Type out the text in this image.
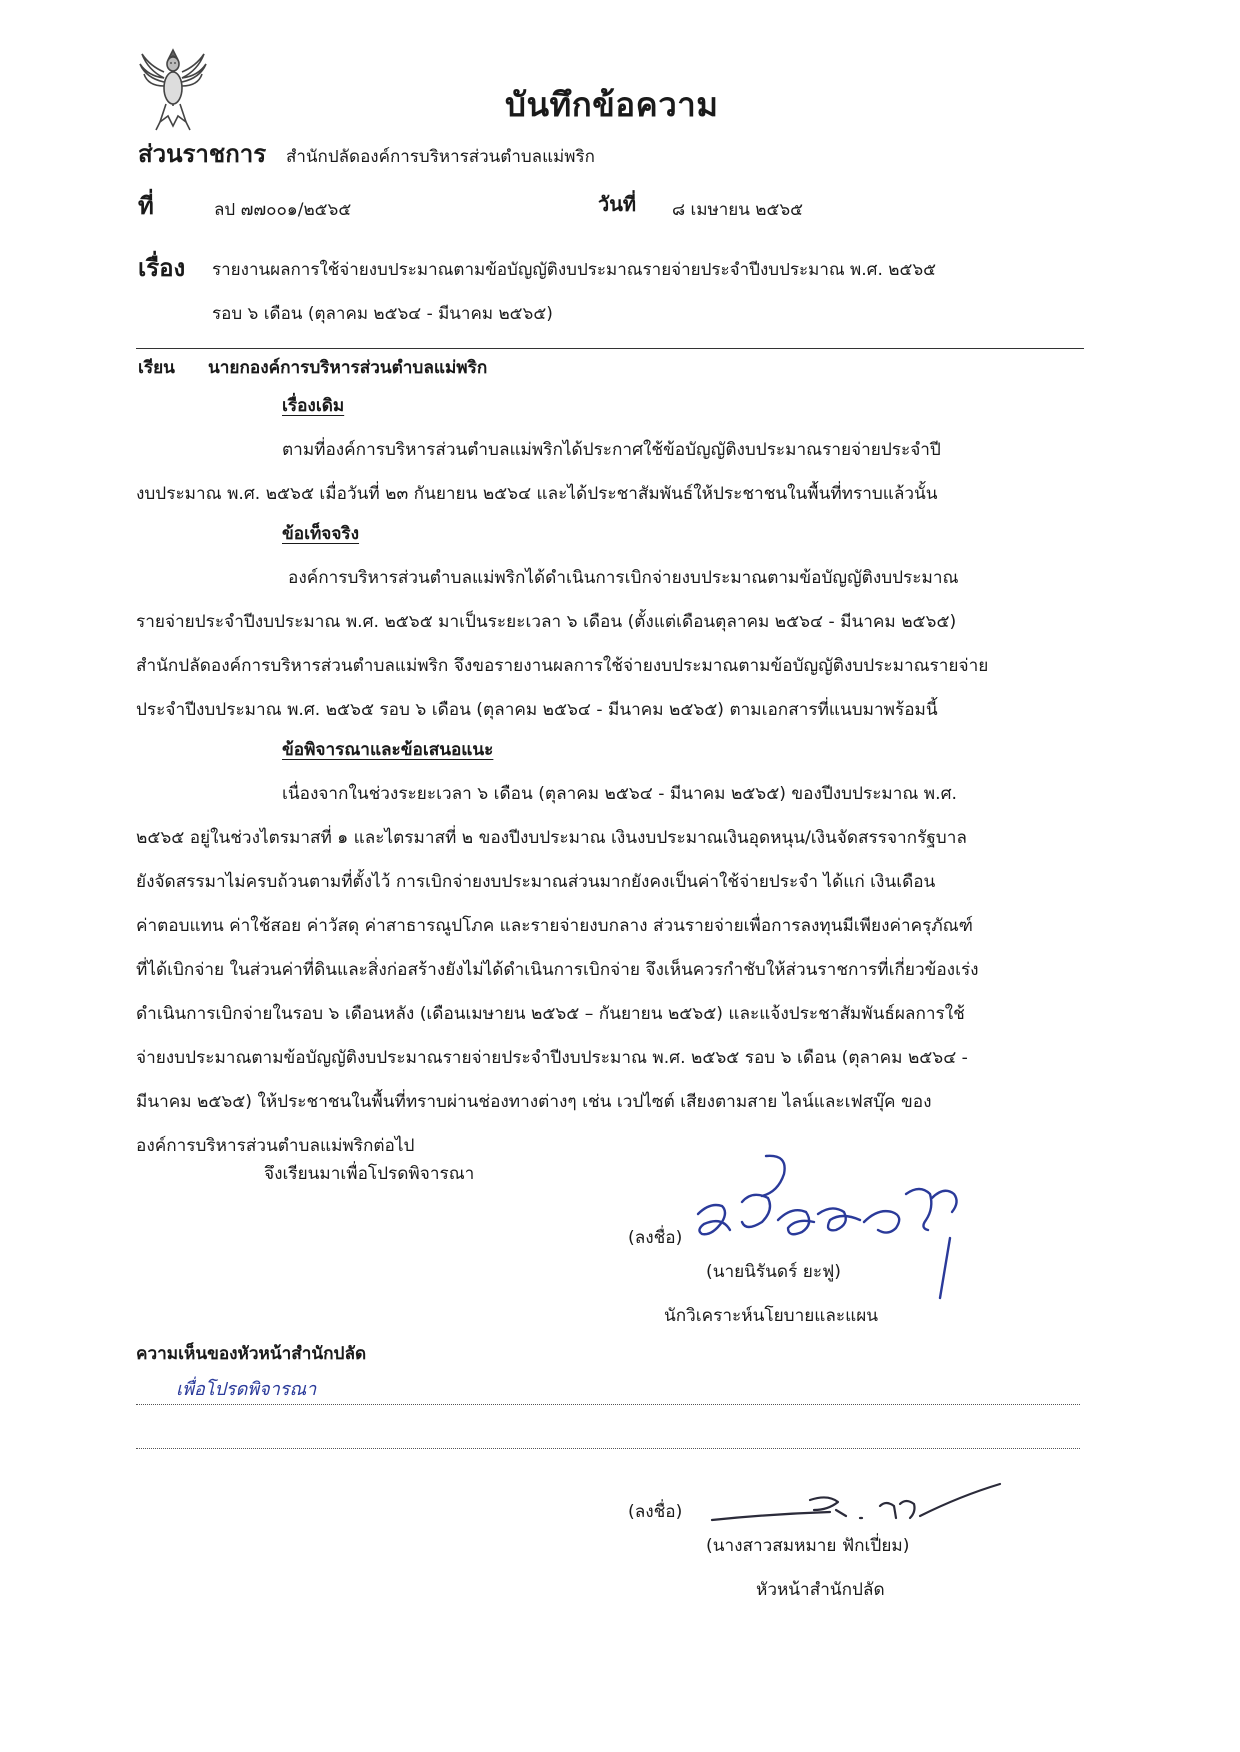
บันทึกข้อความ
ส่วนราชการ สำนักปลัดองค์การบริหารส่วนตำบลแม่พริก
ที่	ลป ๗๗๐๐๑/๒๕๖๕	วันที่ ๘ เมษายน ๒๕๖๕
เรื่อง รายงานผลการใช้จ่ายงบประมาณตามข้อบัญญัติงบประมาณรายจ่ายประจำปีงบประมาณ พ.ศ. ๒๕๖๕
รอบ ๖ เดือน (ตุลาคม ๒๕๖๔ - มีนาคม ๒๕๖๕)
เรียน นายกองค์การบริหารส่วนตำบลแม่พริก
เรื่องเดิม
ตามที่องค์การบริหารส่วนตำบลแม่พริกได้ประกาศใช้ข้อบัญญัติงบประมาณรายจ่ายประจำปี
งบประมาณ พ.ศ. ๒๕๖๕ เมื่อวันที่ ๒๓ กันยายน ๒๕๖๔ และได้ประชาสัมพันธ์ให้ประชาชนในพื้นที่ทราบแล้วนั้น
ข้อเท็จจริง
องค์การบริหารส่วนตำบลแม่พริกได้ดำเนินการเบิกจ่ายงบประมาณตามข้อบัญญัติงบประมาณ
รายจ่ายประจำปีงบประมาณ พ.ศ. ๒๕๖๕ มาเป็นระยะเวลา ๖ เดือน (ตั้งแต่เดือนตุลาคม ๒๕๖๔ - มีนาคม ๒๕๖๕)
สำนักปลัดองค์การบริหารส่วนตำบลแม่พริก จึงขอรายงานผลการใช้จ่ายงบประมาณตามข้อบัญญัติงบประมาณรายจ่าย
ประจำปีงบประมาณ พ.ศ. ๒๕๖๕ รอบ ๖ เดือน (ตุลาคม ๒๕๖๔ - มีนาคม ๒๕๖๕) ตามเอกสารที่แนบมาพร้อมนี้
ข้อพิจารณาและข้อเสนอแนะ
เนื่องจากในช่วงระยะเวลา ๖ เดือน (ตุลาคม ๒๕๖๔ - มีนาคม ๒๕๖๕) ของปีงบประมาณ พ.ศ.
๒๕๖๕ อยู่ในช่วงไตรมาสที่ ๑ และไตรมาสที่ ๒ ของปีงบประมาณ เงินงบประมาณเงินอุดหนุน/เงินจัดสรรจากรัฐบาล
ยังจัดสรรมาไม่ครบถ้วนตามที่ตั้งไว้ การเบิกจ่ายงบประมาณส่วนมากยังคงเป็นค่าใช้จ่ายประจำ ได้แก่ เงินเดือน
ค่าตอบแทน ค่าใช้สอย ค่าวัสดุ ค่าสาธารณูปโภค และรายจ่ายงบกลาง ส่วนรายจ่ายเพื่อการลงทุนมีเพียงค่าครุภัณฑ์
ที่ได้เบิกจ่าย ในส่วนค่าที่ดินและสิ่งก่อสร้างยังไม่ได้ดำเนินการเบิกจ่าย จึงเห็นควรกำชับให้ส่วนราชการที่เกี่ยวข้องเร่ง
ดำเนินการเบิกจ่ายในรอบ ๖ เดือนหลัง (เดือนเมษายน ๒๕๖๕ – กันยายน ๒๕๖๕) และแจ้งประชาสัมพันธ์ผลการใช้
จ่ายงบประมาณตามข้อบัญญัติงบประมาณรายจ่ายประจำปีงบประมาณ พ.ศ. ๒๕๖๕ รอบ ๖ เดือน (ตุลาคม ๒๕๖๔ -
มีนาคม ๒๕๖๕) ให้ประชาชนในพื้นที่ทราบผ่านช่องทางต่างๆ เช่น เวปไซต์ เสียงตามสาย ไลน์และเฟสบุ๊ค ของ
องค์การบริหารส่วนตำบลแม่พริกต่อไป
จึงเรียนมาเพื่อโปรดพิจารณา
(ลงชื่อ)
(นายนิรันดร์ ยะฟู)
นักวิเคราะห์นโยบายและแผน
ความเห็นของหัวหน้าสำนักปลัด
เพื่อโปรดพิจารณา
(ลงชื่อ)
(นางสาวสมหมาย ฟักเปี่ยม)
หัวหน้าสำนักปลัด
